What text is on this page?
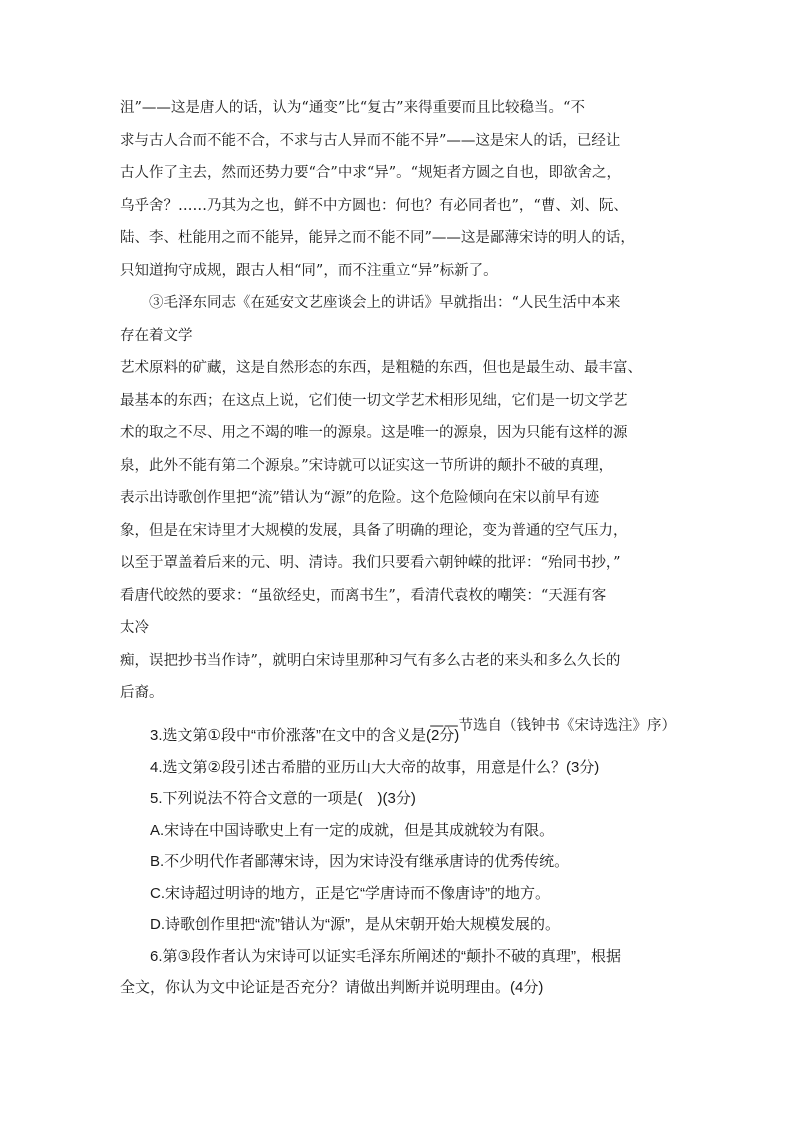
沮”——这是唐人的话，认为“通变”比“复古”来得重要而且比较稳当。“不
求与古人合而不能不合，不求与古人异而不能不异”——这是宋人的话，已经让
古人作了主去，然而还势力要“合”中求“异”。“规矩者方圆之自也，即欲舍之，
乌乎舍？……乃其为之也，鲜不中方圆也：何也？有必同者也”，“曹、刘、阮、
陆、李、杜能用之而不能异，能异之而不能不同”——这是鄙薄宋诗的明人的话，
只知道拘守成规，跟古人相“同”，而不注重立“异”标新了。
③毛泽东同志《在延安文艺座谈会上的讲话》早就指出：“人民生活中本来
存在着文学
艺术原料的矿藏，这是自然形态的东西，是粗糙的东西，但也是最生动、最丰富、
最基本的东西；在这点上说，它们使一切文学艺术相形见绌，它们是一切文学艺
术的取之不尽、用之不竭的唯一的源泉。这是唯一的源泉，因为只能有这样的源
泉，此外不能有第二个源泉。”宋诗就可以证实这一节所讲的颠扑不破的真理，
表示出诗歌创作里把“流”错认为“源”的危险。这个危险倾向在宋以前早有迹
象，但是在宋诗里才大规模的发展，具备了明确的理论，变为普通的空气压力，
以至于罩盖着后来的元、明、清诗。我们只要看六朝钟嵘的批评：“殆同书抄，”
看唐代皎然的要求：“虽欲经史，而离书生”，看清代袁枚的嘲笑：“天涯有客
太冷
痴，误把抄书当作诗”，就明白宋诗里那种习气有多么古老的来头和多么久长的
后裔。
——节选自（钱钟书《宋诗选注》序）
3.选文第①段中“市价涨落”在文中的含义是(2分)
4.选文第②段引述古希腊的亚历山大大帝的故事，用意是什么？(3分)
5.下列说法不符合文意的一项是(　)(3分)
A.宋诗在中国诗歌史上有一定的成就，但是其成就较为有限。
B.不少明代作者鄙薄宋诗，因为宋诗没有继承唐诗的优秀传统。
C.宋诗超过明诗的地方，正是它“学唐诗而不像唐诗”的地方。
D.诗歌创作里把“流”错认为“源”，是从宋朝开始大规模发展的。
6.第③段作者认为宋诗可以证实毛泽东所阐述的“颠扑不破的真理”，根据
全文，你认为文中论证是否充分？请做出判断并说明理由。(4分)
